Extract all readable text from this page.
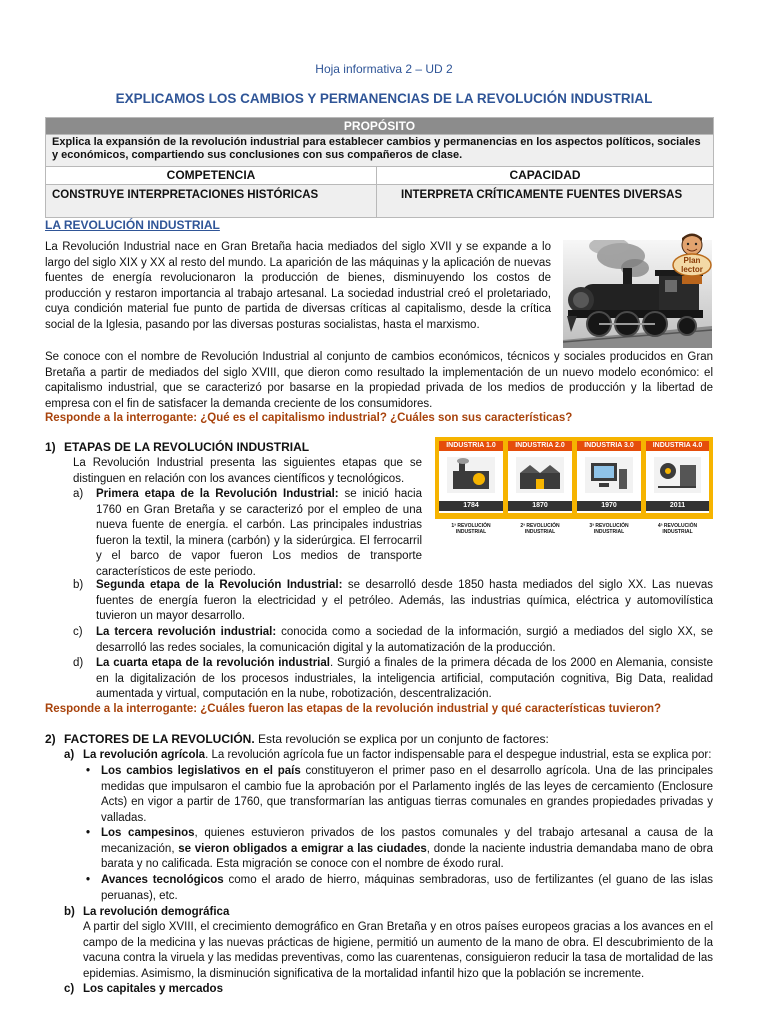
Hoja informativa 2 – UD 2
EXPLICAMOS LOS CAMBIOS Y PERMANENCIAS DE LA REVOLUCIÓN INDUSTRIAL
PROPÓSITO	
Explica la expansión de la revolución industrial para establecer cambios y permanencias en los aspectos políticos, sociales y económicos, compartiendo sus conclusiones con sus compañeros de clase.	
COMPETENCIA	CAPACIDAD
CONSTRUYE INTERPRETACIONES HISTÓRICAS	INTERPRETA CRÍTICAMENTE FUENTES DIVERSAS
LA REVOLUCIÓN INDUSTRIAL
La Revolución Industrial nace en Gran Bretaña hacia mediados del siglo XVII y se expande a lo largo del siglo XIX y XX al resto del mundo. La aparición de las máquinas y la aplicación de nuevas fuentes de energía revolucionaron la producción de bienes, disminuyendo los costos de producción y restaron importancia al trabajo artesanal. La sociedad industrial creó el proletariado, cuya condición material fue punto de partida de diversas críticas al capitalismo, desde la crítica social de la Iglesia, pasando por las diversas posturas socialistas, hasta el marxismo.
Plan
lector
Se conoce con el nombre de Revolución Industrial al conjunto de cambios económicos, técnicos y sociales producidos en Gran Bretaña a partir de mediados del siglo XVIII, que dieron como resultado la implementación de un nuevo modelo económico: el capitalismo industrial, que se caracterizó por basarse en la propiedad privada de los medios de producción y la libertad de empresa con el fin de satisfacer la demanda creciente de los consumidores.
Responde a la interrogante: ¿Qué es el capitalismo industrial? ¿Cuáles son sus características?
1) ETAPAS DE LA REVOLUCIÓN INDUSTRIAL	INDUSTRIA 1.0
1784
INDUSTRIA 2.0
1870
INDUSTRIA 3.0
1970
INDUSTRIA 4.0
2011
1ª REVOLUCIÓN INDUSTRIAL
2ª REVOLUCIÓN INDUSTRIAL
3ª REVOLUCIÓN INDUSTRIAL
4ª REVOLUCIÓN INDUSTRIAL
La Revolución Industrial presenta las siguientes etapas que se distinguen en relación con los avances científicos y tecnológicos.
a) Primera etapa de la Revolución Industrial: se inició hacia 1760 en Gran Bretaña y se caracterizó por el empleo de una nueva fuente de energía. el carbón. Las principales industrias fueron la textil, la minera (carbón) y la siderúrgica. El ferrocarril y el barco de vapor fueron Los medios de transporte característicos de este periodo.
b) Segunda etapa de la Revolución Industrial: se desarrolló desde 1850 hasta mediados del siglo XX. Las nuevas fuentes de energía fueron la electricidad y el petróleo. Además, las industrias química, eléctrica y automovilística tuvieron un mayor desarrollo.
c) La tercera revolución industrial: conocida como a sociedad de la información, surgió a mediados del siglo XX, se desarrolló las redes sociales, la comunicación digital y la automatización de la producción.
d) La cuarta etapa de la revolución industrial. Surgió a finales de la primera década de los 2000 en Alemania, consiste en la digitalización de los procesos industriales, la inteligencia artificial, computación cognitiva, Big Data, realidad aumentada y virtual, computación en la nube, robotización, descentralización.
Responde a la interrogante: ¿Cuáles fueron las etapas de la revolución industrial y qué características tuvieron?
2) FACTORES DE LA REVOLUCIÓN. Esta revolución se explica por un conjunto de factores:
a) La revolución agrícola. La revolución agrícola fue un factor indispensable para el despegue industrial, esta se explica por:
• Los cambios legislativos en el país constituyeron el primer paso en el desarrollo agrícola. Una de las principales medidas que impulsaron el cambio fue la aprobación por el Parlamento inglés de las leyes de cercamiento (Enclosure Acts) en vigor a partir de 1760, que transformarían las antiguas tierras comunales en grandes propiedades privadas y valladas.
• Los campesinos, quienes estuvieron privados de los pastos comunales y del trabajo artesanal a causa de la mecanización, se vieron obligados a emigrar a las ciudades, donde la naciente industria demandaba mano de obra barata y no calificada. Esta migración se conoce con el nombre de éxodo rural.
• Avances tecnológicos como el arado de hierro, máquinas sembradoras, uso de fertilizantes (el guano de las islas peruanas), etc.
b) La revolución demográfica
A partir del siglo XVIII, el crecimiento demográfico en Gran Bretaña y en otros países europeos gracias a los avances en el campo de la medicina y las nuevas prácticas de higiene, permitió un aumento de la mano de obra. El descubrimiento de la vacuna contra la viruela y las medidas preventivas, como las cuarentenas, consiguieron reducir la tasa de mortalidad de las epidemias. Asimismo, la disminución significativa de la mortalidad infantil hizo que la población se incremente.
c) Los capitales y mercados
